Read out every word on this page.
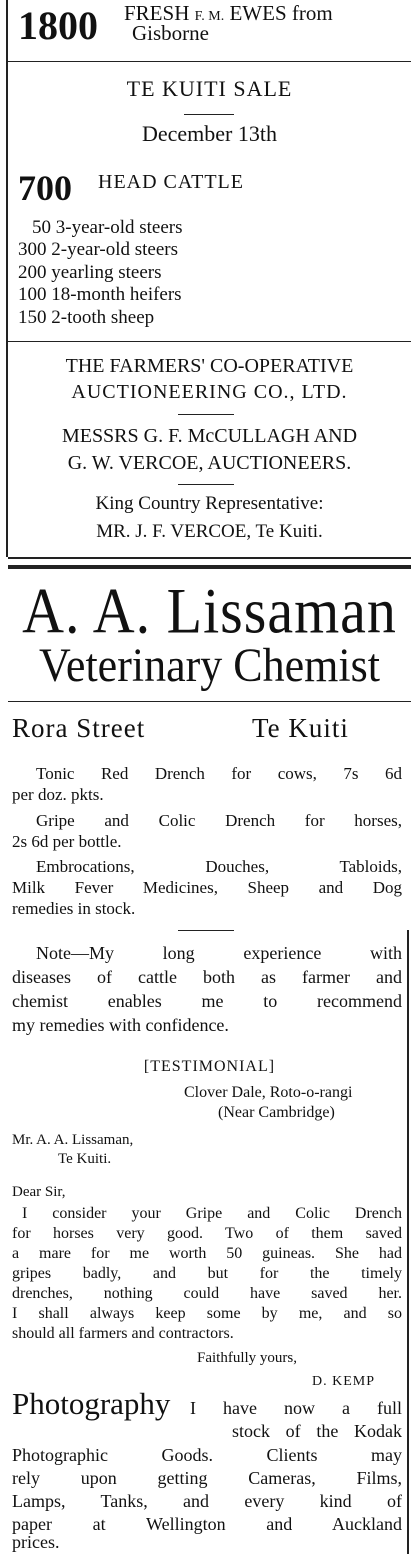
1800 FRESH F. M. EWES from
Gisborne
TE KUITI SALE
December 13th
700 HEAD CATTLE
50 3-year-old steers
300 2-year-old steers
200 yearling steers
100 18-month heifers
150 2-tooth sheep
THE FARMERS' CO-OPERATIVE
AUCTIONEERING CO., LTD.
MESSRS G. F. McCULLAGH AND
G. W. VERCOE, AUCTIONEERS.
King Country Representative:
MR. J. F. VERCOE, Te Kuiti.
A. A. Lissaman
Veterinary Chemist
Rora Street	Te Kuiti
Tonic Red Drench for cows, 7s 6d
per doz. pkts.
Gripe and Colic Drench for horses,
2s 6d per bottle.
Embrocations, Douches, Tabloids,
Milk Fever Medicines, Sheep and Dog
remedies in stock.
Note—My long experience with
diseases of cattle both as farmer and
chemist enables me to recommend
my remedies with confidence.
[TESTIMONIAL]
Clover Dale, Roto-o-rangi
(Near Cambridge)
Mr. A. A. Lissaman,
Te Kuiti.
Dear Sir,
I consider your Gripe and Colic Drench
for horses very good. Two of them saved
a mare for me worth 50 guineas. She had
gripes badly, and but for the timely
drenches, nothing could have saved her.
I shall always keep some by me, and so
should all farmers and contractors.
Faithfully yours,
D. KEMP
Photography I have now a full
stock of the Kodak
Photographic Goods. Clients may
rely upon getting Cameras, Films,
Lamps, Tanks, and every kind of
paper at Wellington and Auckland
prices.
